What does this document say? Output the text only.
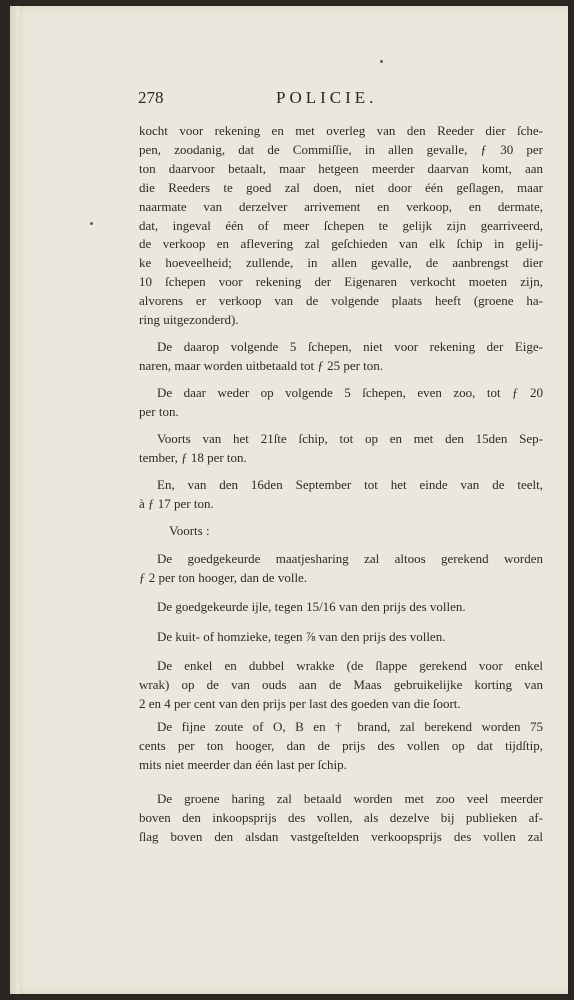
278	POLICIE.
kocht voor rekening en met overleg van den Reeder dier ſche-
pen, zoodanig, dat de Commiſſie, in allen gevalle, ƒ 30 per
ton daarvoor betaalt, maar hetgeen meerder daarvan komt, aan
die Reeders te goed zal doen, niet door één geſlagen, maar
naarmate van derzelver arrivement en verkoop, en dermate,
dat, ingeval één of meer ſchepen te gelijk zijn gearriveerd,
de verkoop en aflevering zal geſchieden van elk ſchip in gelij-
ke hoeveelheid; zullende, in allen gevalle, de aanbrengst dier
10 ſchepen voor rekening der Eigenaren verkocht moeten zijn,
alvorens er verkoop van de volgende plaats heeft (groene ha-
ring uitgezonderd).
De daarop volgende 5 ſchepen, niet voor rekening der Eige-
naren, maar worden uitbetaald tot ƒ 25 per ton.
De daar weder op volgende 5 ſchepen, even zoo, tot ƒ 20
per ton.
Voorts van het 21ſte ſchip, tot op en met den 15den Sep-
tember, ƒ 18 per ton.
En, van den 16den September tot het einde van de teelt,
à ƒ 17 per ton.
Voorts :
De goedgekeurde maatjesharing zal altoos gerekend worden
ƒ 2 per ton hooger, dan de volle.
De goedgekeurde ijle, tegen 15/16 van den prijs des vollen.
De kuit- of homzieke, tegen ⅞ van den prijs des vollen.
De enkel en dubbel wrakke (de ſlappe gerekend voor enkel
wrak) op de van ouds aan de Maas gebruikelijke korting van
2 en 4 per cent van den prijs per last des goeden van die ſoort.
De fijne zoute of O, B en † brand, zal berekend worden 75
cents per ton hooger, dan de prijs des vollen op dat tijdſtip,
mits niet meerder dan één last per ſchip.
De groene haring zal betaald worden met zoo veel meerder
boven den inkoopsprijs des vollen, als dezelve bij publieken af-
ſlag boven den alsdan vastgeſtelden verkoopsprijs des vollen zal
